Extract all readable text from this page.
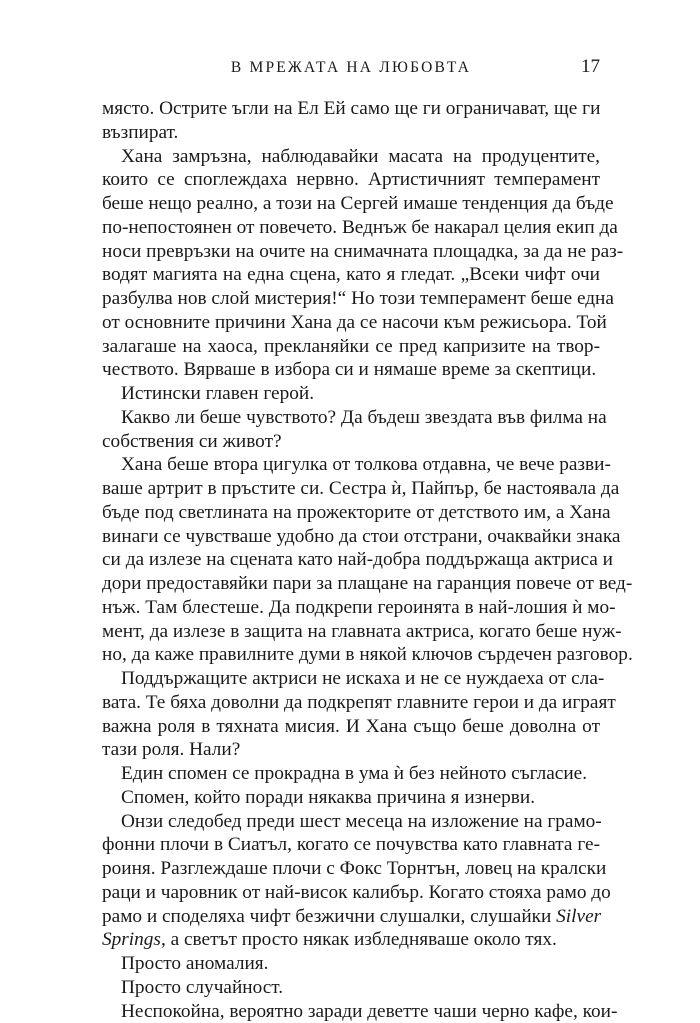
В МРЕЖАТА НА ЛЮБОВТА	17
място. Острите ъгли на Ел Ей само ще ги ограничават, ще ги
възпират.
Хана замръзна, наблюдавайки масата на продуцентите,
които се споглеждаха нервно. Артистичният темперамент
беше нещо реално, а този на Сергей имаше тенденция да бъде
по-непостоянен от повечето. Веднъж бе накарал целия екип да
носи превръзки на очите на снимачната площадка, за да не раз-
водят магията на една сцена, като я гледат. „Всеки чифт очи
разбулва нов слой мистерия!“ Но този темперамент беше една
от основните причини Хана да се насочи към режисьора. Той
залагаше на хаоса, прекланяйки се пред капризите на твор-
чеството. Вярваше в избора си и нямаше време за скептици.
Истински главен герой.
Какво ли беше чувството? Да бъдеш звездата във филма на
собствения си живот?
Хана беше втора цигулка от толкова отдавна, че вече разви-
ваше артрит в пръстите си. Сестра ѝ, Пайпър, бе настоявала да
бъде под светлината на прожекторите от детството им, а Хана
винаги се чувстваше удобно да стои отстрани, очаквайки знака
си да излезе на сцената като най-добра поддържаща актриса и
дори предоставяйки пари за плащане на гаранция повече от вед-
нъж. Там блестеше. Да подкрепи героинята в най-лошия ѝ мо-
мент, да излезе в защита на главната актриса, когато беше нуж-
но, да каже правилните думи в някой ключов сърдечен разговор.
Поддържащите актриси не искаха и не се нуждаеха от сла-
вата. Те бяха доволни да подкрепят главните герои и да играят
важна роля в тяхната мисия. И Хана също беше доволна от
тази роля. Нали?
Един спомен се прокрадна в ума ѝ без нейното съгласие.
Спомен, който поради някаква причина я изнерви.
Онзи следобед преди шест месеца на изложение на грамо-
фонни плочи в Сиатъл, когато се почувства като главната ге-
роиня. Разглеждаше плочи с Фокс Торнтън, ловец на кралски
раци и чаровник от най-висок калибър. Когато стояха рамо до
рамо и споделяха чифт безжични слушалки, слушайки Silver
Springs, а светът просто някак избледняваше около тях.
Просто аномалия.
Просто случайност.
Неспокойна, вероятно заради деветте чаши черно кафе, кои-
